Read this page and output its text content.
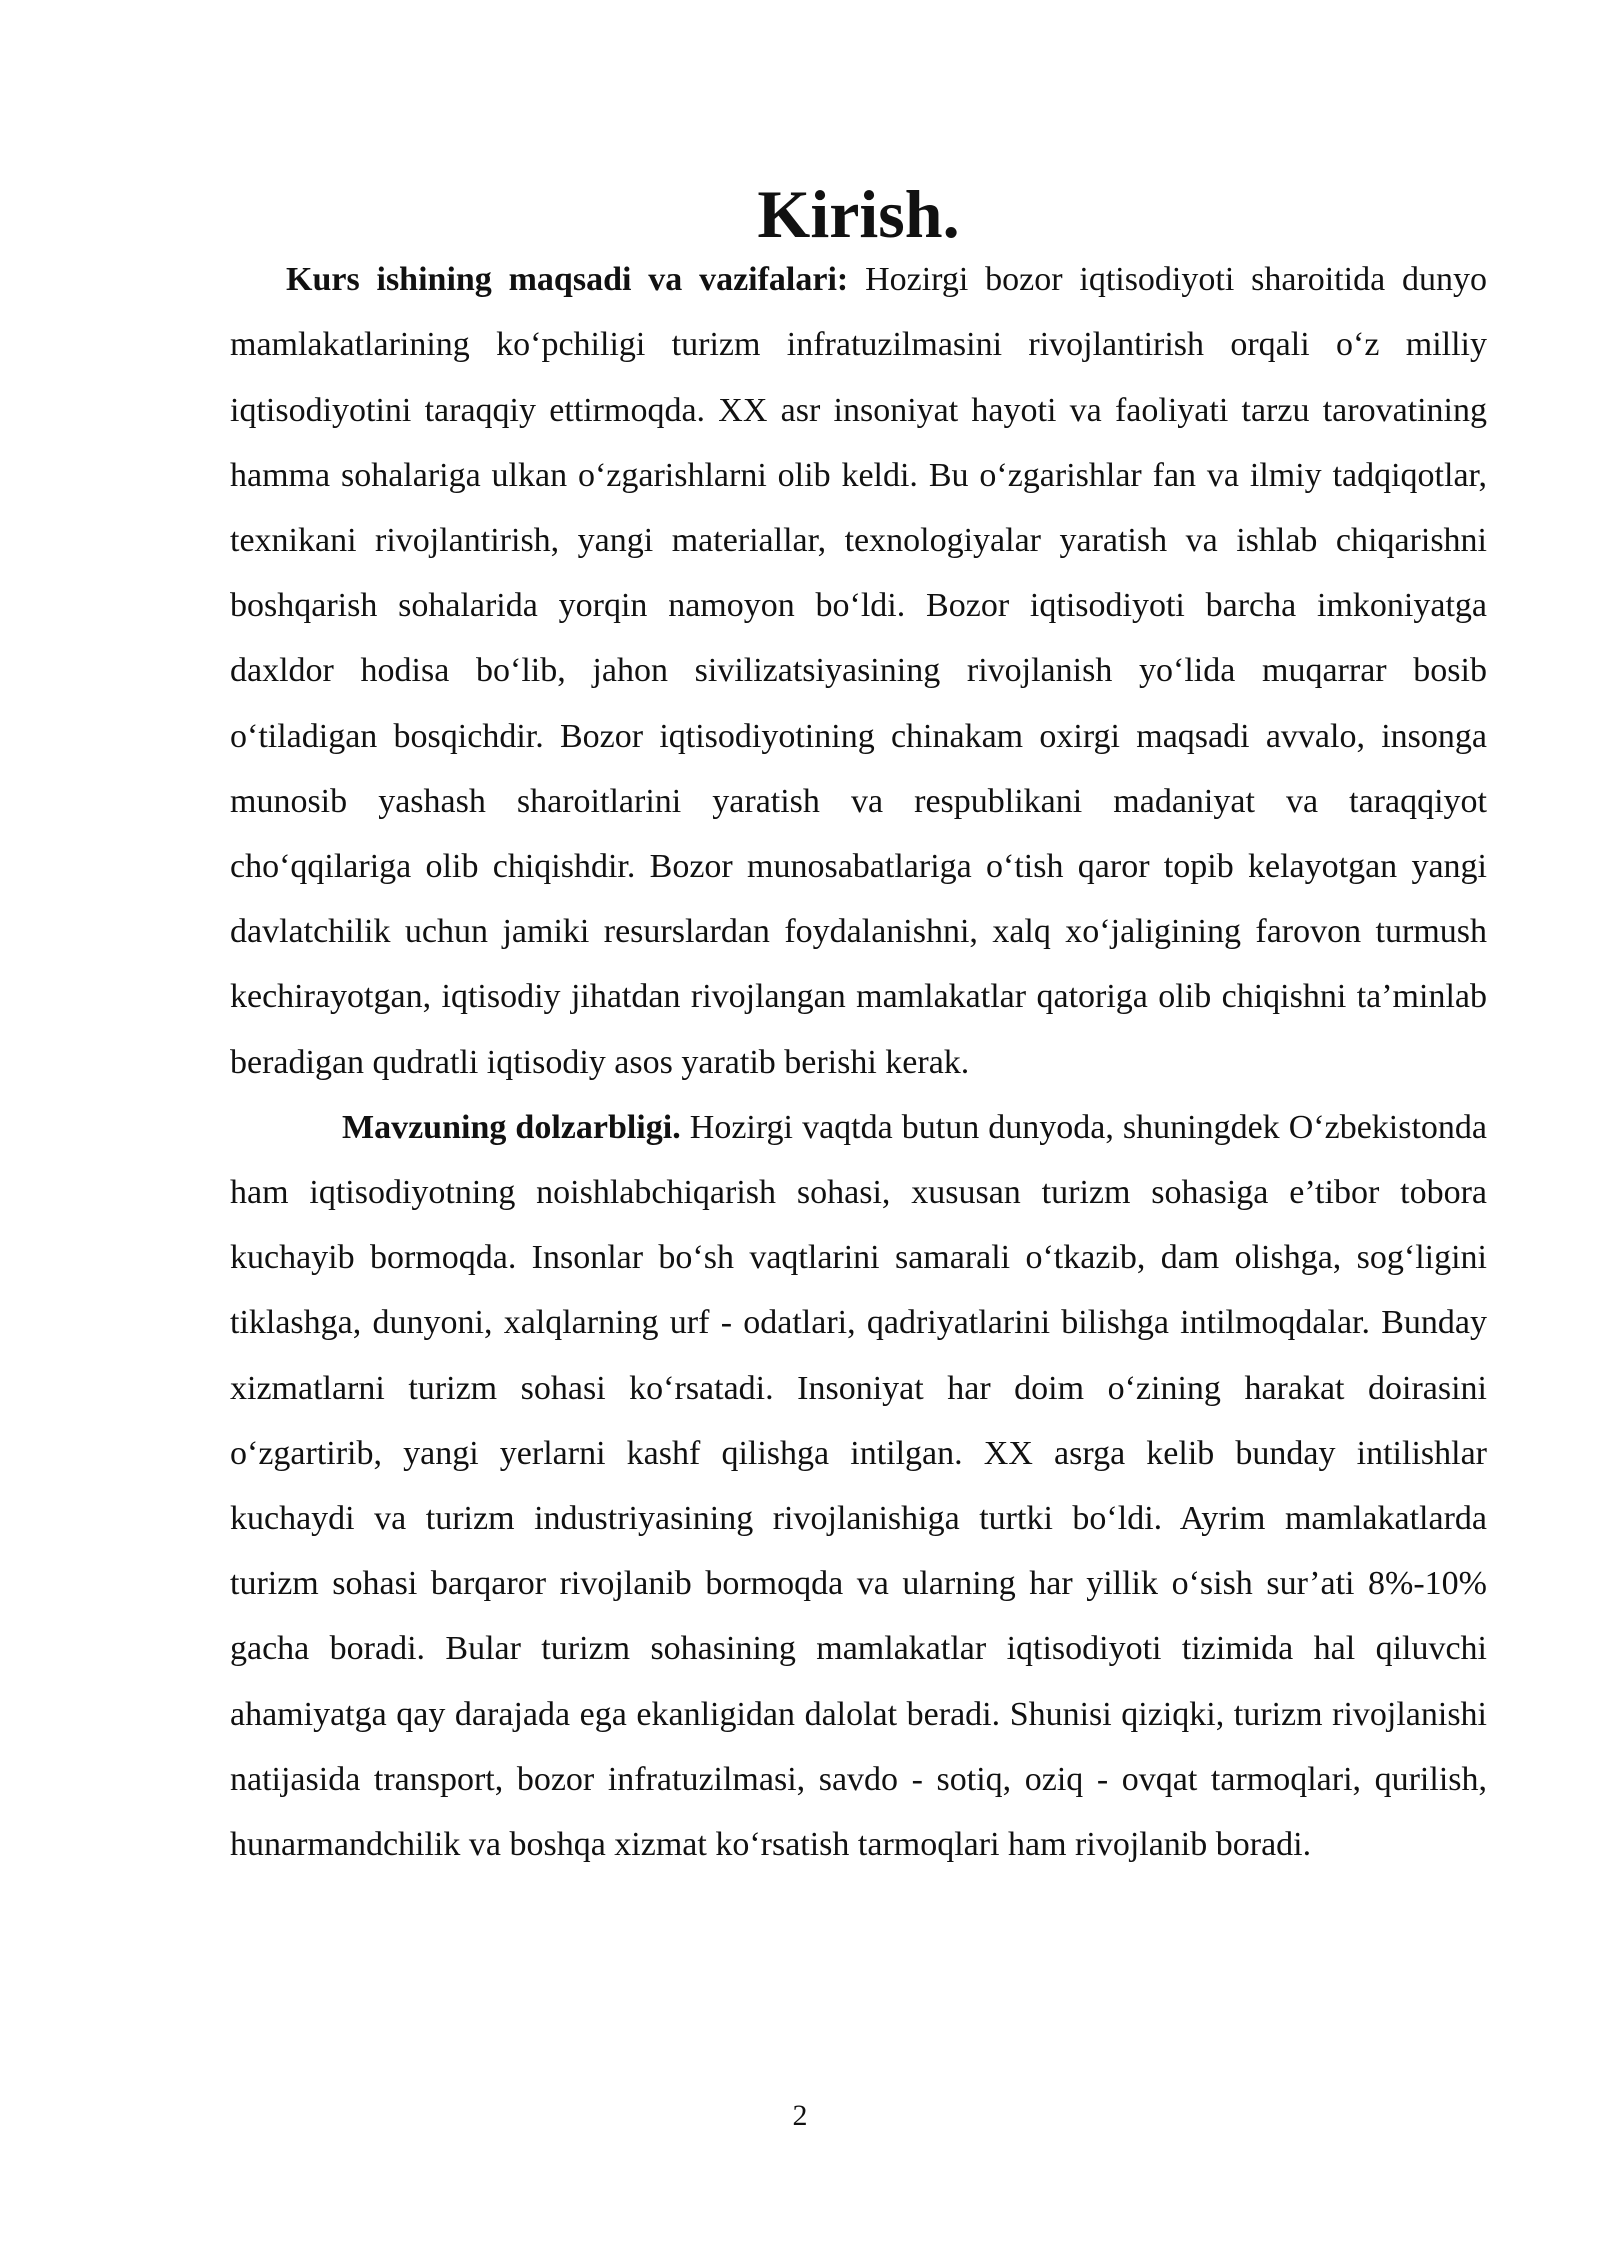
Kirish.

Kurs ishining maqsadi va vazifalari: Hozirgi bozor iqtisodiyoti sharoitida dunyo mamlakatlarining ko‘pchiligi turizm infratuzilmasini rivojlantirish orqali o‘z milliy iqtisodiyotini taraqqiy ettirmoqda. XX asr insoniyat hayoti va faoliyati tarzu tarovatining hamma sohalariga ulkan o‘zgarishlarni olib keldi. Bu o‘zgarishlar fan va ilmiy tadqiqotlar, texnikani rivojlantirish, yangi materiallar, texnologiyalar yaratish va ishlab chiqarishni boshqarish sohalarida yorqin namoyon bo‘ldi. Bozor iqtisodiyoti barcha imkoniyatga daxldor hodisa bo‘lib, jahon sivilizatsiyasining rivojlanish yo‘lida muqarrar bosib o‘tiladigan bosqichdir. Bozor iqtisodiyotining chinakam oxirgi maqsadi avvalo, insonga munosib yashash sharoitlarini yaratish va respublikani madaniyat va taraqqiyot cho‘qqilariga olib chiqishdir. Bozor munosabatlariga o‘tish qaror topib kelayotgan yangi davlatchilik uchun jamiki resurslardan foydalanishni, xalq xo‘jaligining farovon turmush kechirayotgan, iqtisodiy jihatdan rivojlangan mamlakatlar qatoriga olib chiqishni ta’minlab beradigan qudratli iqtisodiy asos yaratib berishi kerak.

Mavzuning dolzarbligi. Hozirgi vaqtda butun dunyoda, shuningdek O‘zbekistonda ham iqtisodiyotning noishlabchiqarish sohasi, xususan turizm sohasiga e’tibor tobora kuchayib bormoqda. Insonlar bo‘sh vaqtlarini samarali o‘tkazib, dam olishga, sog‘ligini tiklashga, dunyoni, xalqlarning urf - odatlari, qadriyatlarini bilishga intilmoqdalar. Bunday xizmatlarni turizm sohasi ko‘rsatadi. Insoniyat har doim o‘zining harakat doirasini o‘zgartirib, yangi yerlarni kashf qilishga intilgan. XX asrga kelib bunday intilishlar kuchaydi va turizm industriyasining rivojlanishiga turtki bo‘ldi. Ayrim mamlakatlarda turizm sohasi barqaror rivojlanib bormoqda va ularning har yillik o‘sish sur’ati 8%-10% gacha boradi. Bular turizm sohasining mamlakatlar iqtisodiyoti tizimida hal qiluvchi ahamiyatga qay darajada ega ekanligidan dalolat beradi. Shunisi qiziqki, turizm rivojlanishi natijasida transport, bozor infratuzilmasi, savdo - sotiq, oziq - ovqat tarmoqlari, qurilish, hunarmandchilik va boshqa xizmat ko‘rsatish tarmoqlari ham rivojlanib boradi.

2
